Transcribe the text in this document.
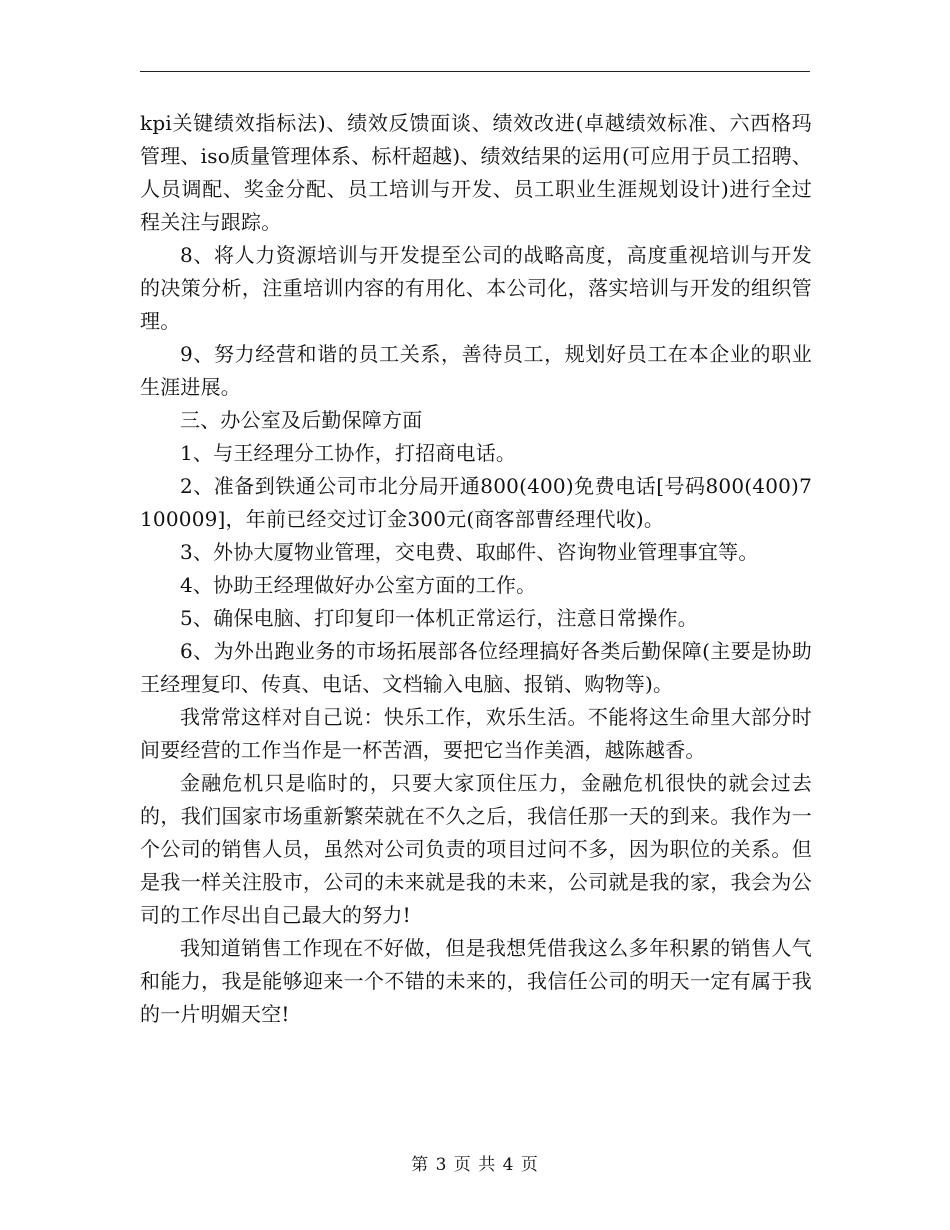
kpi关键绩效指标法)、绩效反馈面谈、绩效改进(卓越绩效标准、六西格玛管理、iso质量管理体系、标杆超越)、绩效结果的运用(可应用于员工招聘、人员调配、奖金分配、员工培训与开发、员工职业生涯规划设计)进行全过程关注与跟踪。

8、将人力资源培训与开发提至公司的战略高度，高度重视培训与开发的决策分析，注重培训内容的有用化、本公司化，落实培训与开发的组织管理。

9、努力经营和谐的员工关系，善待员工，规划好员工在本企业的职业生涯进展。

三、办公室及后勤保障方面

1、与王经理分工协作，打招商电话。

2、准备到铁通公司市北分局开通800(400)免费电话[号码800(400)7100009]，年前已经交过订金300元(商客部曹经理代收)。

3、外协大厦物业管理，交电费、取邮件、咨询物业管理事宜等。

4、协助王经理做好办公室方面的工作。

5、确保电脑、打印复印一体机正常运行，注意日常操作。

6、为外出跑业务的市场拓展部各位经理搞好各类后勤保障(主要是协助王经理复印、传真、电话、文档输入电脑、报销、购物等)。

我常常这样对自己说：快乐工作，欢乐生活。不能将这生命里大部分时间要经营的工作当作是一杯苦酒，要把它当作美酒，越陈越香。

金融危机只是临时的，只要大家顶住压力，金融危机很快的就会过去的，我们国家市场重新繁荣就在不久之后，我信任那一天的到来。我作为一个公司的销售人员，虽然对公司负责的项目过问不多，因为职位的关系。但是我一样关注股市，公司的未来就是我的未来，公司就是我的家，我会为公司的工作尽出自己最大的努力!

我知道销售工作现在不好做，但是我想凭借我这么多年积累的销售人气和能力，我是能够迎来一个不错的未来的，我信任公司的明天一定有属于我的一片明媚天空!

第 3 页 共 4 页
